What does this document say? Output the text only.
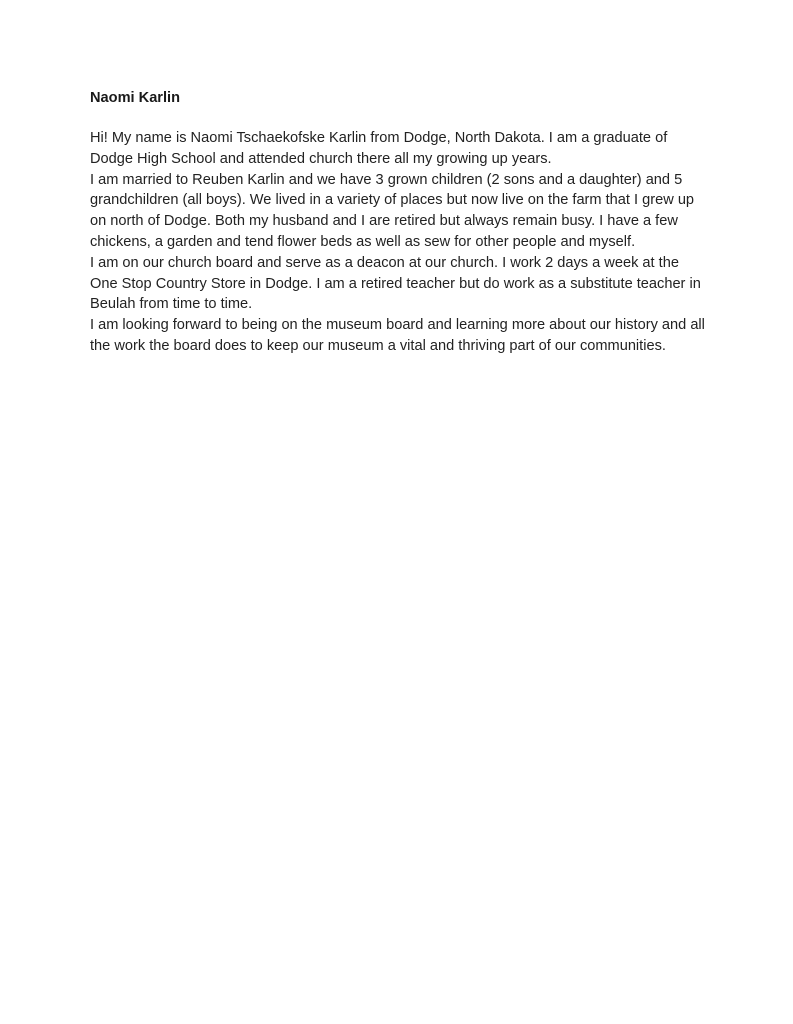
Naomi Karlin

Hi! My name is Naomi Tschaekofske Karlin from Dodge, North Dakota. I am a graduate of Dodge High School and attended church there all my growing up years.

I am married to Reuben Karlin and we have 3 grown children (2 sons and a daughter) and 5 grandchildren (all boys). We lived in a variety of places but now live on the farm that I grew up on north of Dodge. Both my husband and I are retired but always remain busy. I have a few chickens, a garden and tend flower beds as well as sew for other people and myself.

I am on our church board and serve as a deacon at our church. I work 2 days a week at the One Stop Country Store in Dodge. I am a retired teacher but do work as a substitute teacher in Beulah from time to time.

I am looking forward to being on the museum board and learning more about our history and all the work the board does to keep our museum a vital and thriving part of our communities.
